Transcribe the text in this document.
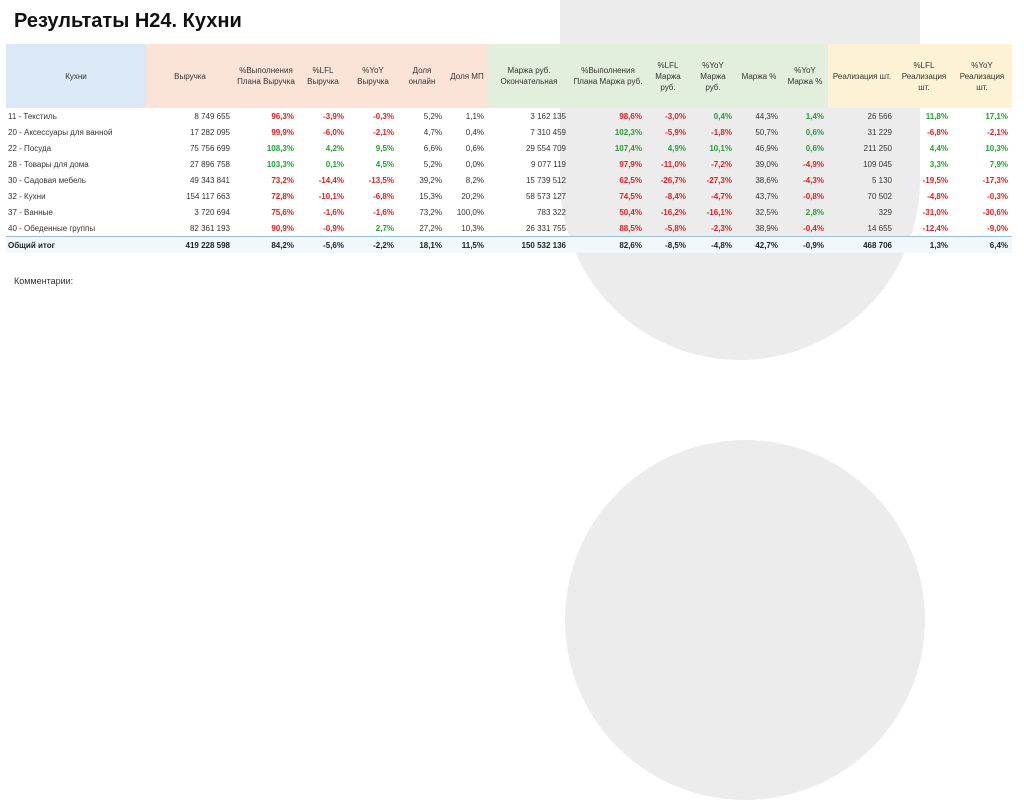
Результаты Н24. Кухни
Кухни	Выручка	%Выполнения Плана Выручка	%LFL Выручка	%YoY Выручка	Доля онлайн	Доля МП	Маржа руб. Окончательная	%Выполнения Плана Маржа руб.	%LFL Маржа руб.	%YoY Маржа руб.	Маржа %	%YoY Маржа %	Реализация шт.	%LFL Реализация шт.	%YoY Реализация шт.
11 - Текстиль	8 749 655	96,3%	-3,9%	-0,3%	5,2%	1,1%	3 162 135	98,6%	-3,0%	0,4%	44,3%	1,4%	26 566	11,8%	17,1%
20 - Аксессуары для ванной	17 282 095	99,9%	-6,0%	-2,1%	4,7%	0,4%	7 310 459	102,3%	-5,9%	-1,8%	50,7%	0,6%	31 229	-6,8%	-2,1%
22 - Посуда	75 756 699	108,3%	4,2%	9,5%	6,6%	0,6%	29 554 709	107,4%	4,9%	10,1%	46,9%	0,6%	211 250	4,4%	10,3%
28 - Товары для дома	27 896 758	103,3%	0,1%	4,5%	5,2%	0,0%	9 077 119	97,9%	-11,0%	-7,2%	39,0%	-4,9%	109 045	3,3%	7,9%
30 - Садовая мебель	49 343 841	73,2%	-14,4%	-13,5%	39,2%	8,2%	15 739 512	62,5%	-26,7%	-27,3%	38,6%	-4,3%	5 130	-19,5%	-17,3%
32 - Кухни	154 117 663	72,8%	-10,1%	-6,8%	15,3%	20,2%	58 573 127	74,5%	-8,4%	-4,7%	43,7%	-0,8%	70 502	-4,8%	-0,3%
37 - Ванные	3 720 694	75,6%	-1,6%	-1,6%	73,2%	100,0%	783 322	50,4%	-16,2%	-16,1%	32,5%	2,8%	329	-31,0%	-30,6%
40 - Обеденные группы	82 361 193	90,9%	-0,9%	2,7%	27,2%	10,3%	26 331 755	88,5%	-5,8%	-2,3%	38,9%	-0,4%	14 655	-12,4%	-9,0%
Общий итог	419 228 598	84,2%	-5,6%	-2,2%	18,1%	11,5%	150 532 136	82,6%	-8,5%	-4,8%	42,7%	-0,9%	468 706	1,3%	6,4%
Комментарии:
